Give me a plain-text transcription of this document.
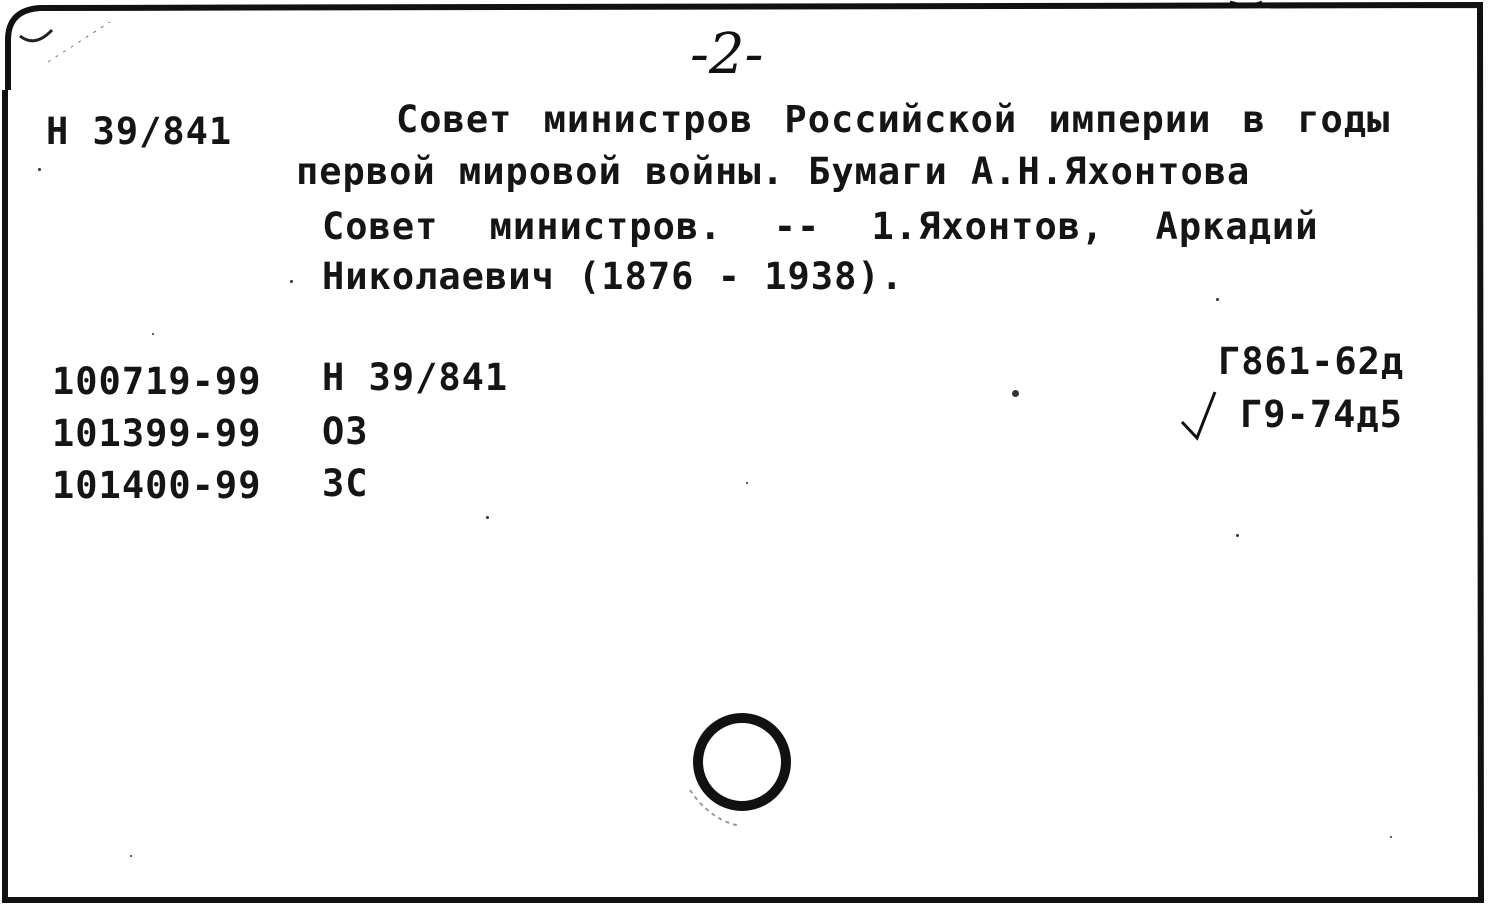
-2-
Н 39/841	Совет министров Российской империи в годы
первой мировой войны. Бумаги А.Н.Яхонтова
Совет министров. -- 1.Яхонтов, Аркадий
Николаевич (1876 - 1938).
100719-99 Н 39/841
101399-99 ОЗ
101400-99 ЗС
Г861-62д
Г9-74д5
